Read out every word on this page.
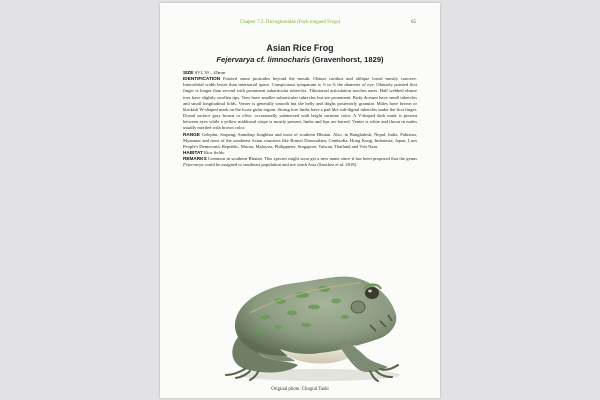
Chapter 7.2. Dicroglossidae (Fork-tongued Frogs)	65
Asian Rice Frog
Fejervarya cf. limnocharis (Gravenhorst, 1829)

SIZE SVL 39 – 45mm

IDENTIFICATION Pointed snout protrudes beyond the mouth. Obtuse canthus and oblique loreal mostly concave. Interorbital width lesser than internarial space. Conspicuous tympanum is ½ to ⅔ the diameter of eye. Obtusely pointed first finger is longer than second with prominent subarticular tubercles. Tibiotarsal articulation touches naris. Half webbed obtuse toes have slightly swollen tips. Toes have smaller subarticular tubercles but are prominent. Body dorsum have small tubercles and small longitudinal folds. Venter is generally smooth but the belly and thighs posteriorly granular. Males have brown or blackish W-shaped mark on the loose gular region. Strong fore limbs have a pad like sub-digital tubercles under the first finger. Dorsal surface gray brown or olive, occasionally submersed with bright carmine color. A V-shaped dark mark is present between eyes while a yellow middorsal stripe is mostly present; limbs and lips are barred. Venter is white and throat in males usually mottled with brown color.

RANGE Gelephu, Sarpang, Samdrup Jongkhar and most of southern Bhutan. Also, in Bangladesh, Nepal, India, Pakistan, Myanmar and most of the southeast Asian countries like Brunei Darussalam, Cambodia, Hong Kong, Indonesia, Japan, Laos People's Democratic Republic, Macau, Malaysia, Philippines, Singapore, Taiwan, Thailand and Viet Nam.

HABITAT Rice fields.

REMARKS Common in southern Bhutan. This species might soon get a new name since it has been proposed that the genus Fejervarya could be assigned to southeast population and not south Asia (Sanchez et al. 2018).

Original photo: Chogral Tashi
